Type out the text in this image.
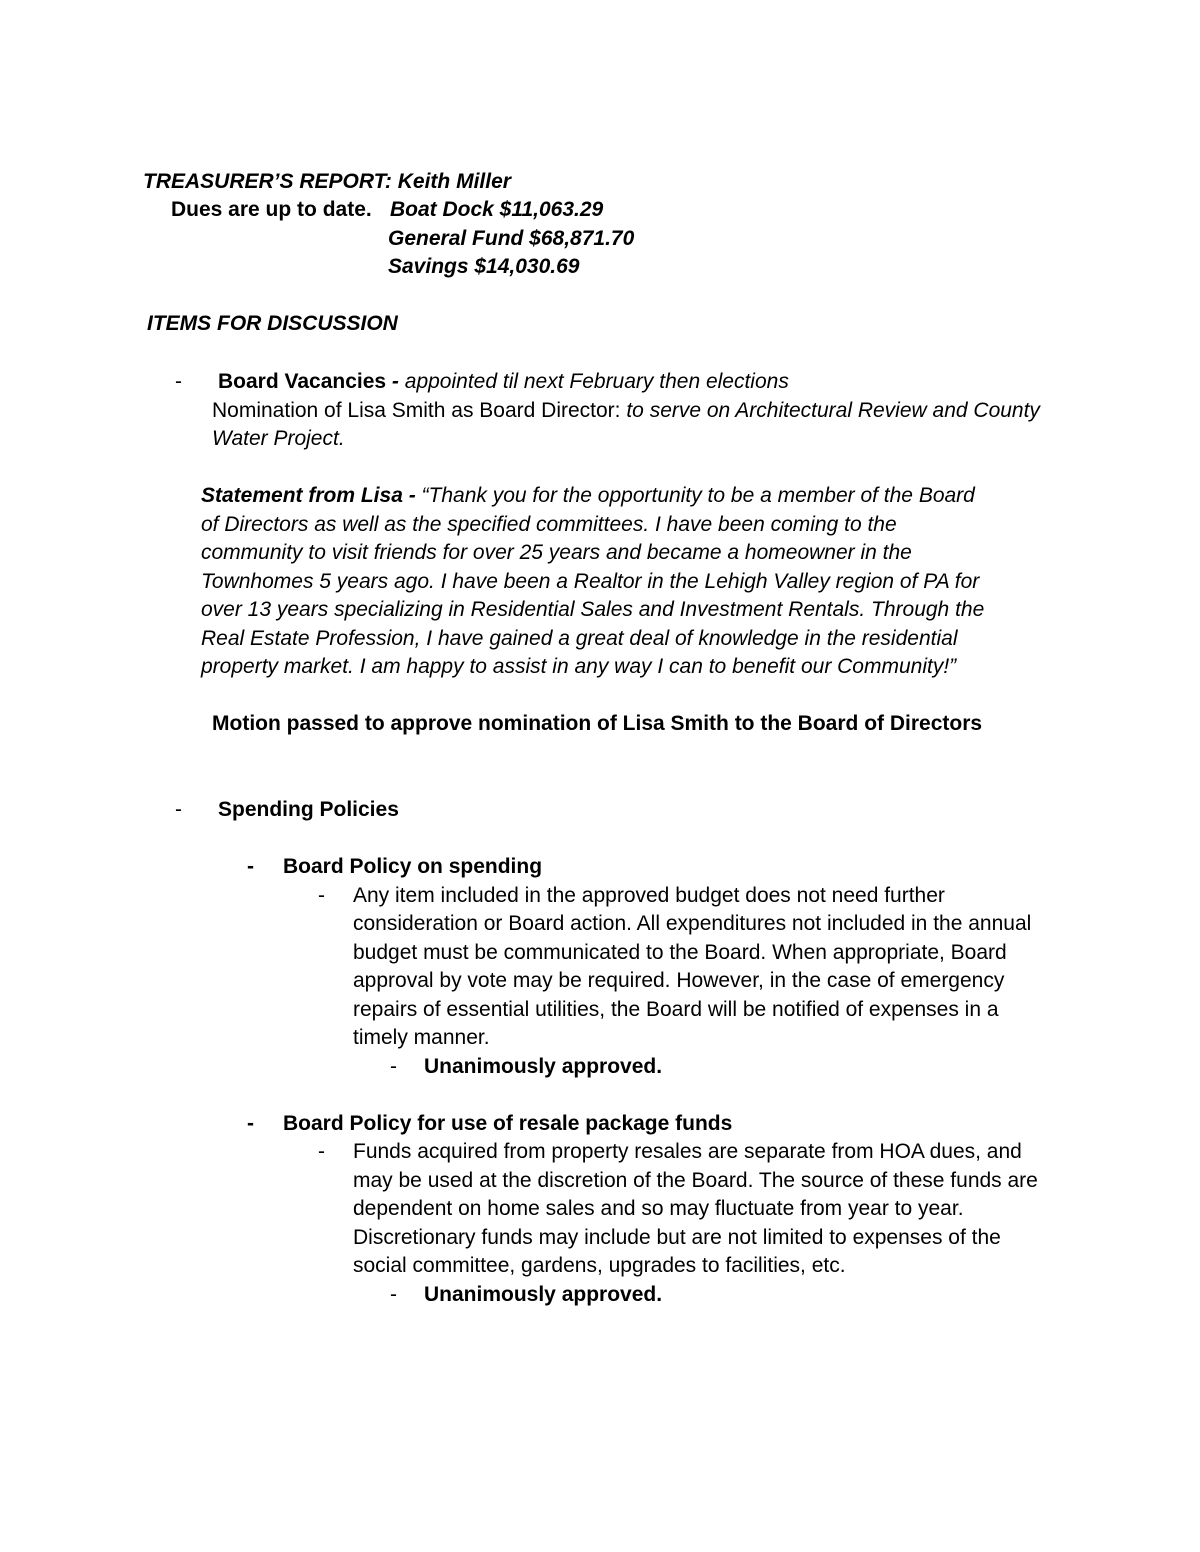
TREASURER’S REPORT: Keith Miller
Dues are up to date. Boat Dock $11,063.29
General Fund $68,871.70
Savings $14,030.69
ITEMS FOR DISCUSSION
- Board Vacancies - appointed til next February then elections
Nomination of Lisa Smith as Board Director: to serve on Architectural Review and County
Water Project.
Statement from Lisa - “Thank you for the opportunity to be a member of the Board
of Directors as well as the specified committees. I have been coming to the
community to visit friends for over 25 years and became a homeowner in the
Townhomes 5 years ago. I have been a Realtor in the Lehigh Valley region of PA for
over 13 years specializing in Residential Sales and Investment Rentals. Through the
Real Estate Profession, I have gained a great deal of knowledge in the residential
property market. I am happy to assist in any way I can to benefit our Community!”
Motion passed to approve nomination of Lisa Smith to the Board of Directors
- Spending Policies
- Board Policy on spending
- Any item included in the approved budget does not need further
consideration or Board action. All expenditures not included in the annual
budget must be communicated to the Board. When appropriate, Board
approval by vote may be required. However, in the case of emergency
repairs of essential utilities, the Board will be notified of expenses in a
timely manner.
- Unanimously approved.
- Board Policy for use of resale package funds
- Funds acquired from property resales are separate from HOA dues, and
may be used at the discretion of the Board. The source of these funds are
dependent on home sales and so may fluctuate from year to year.
Discretionary funds may include but are not limited to expenses of the
social committee, gardens, upgrades to facilities, etc.
- Unanimously approved.
